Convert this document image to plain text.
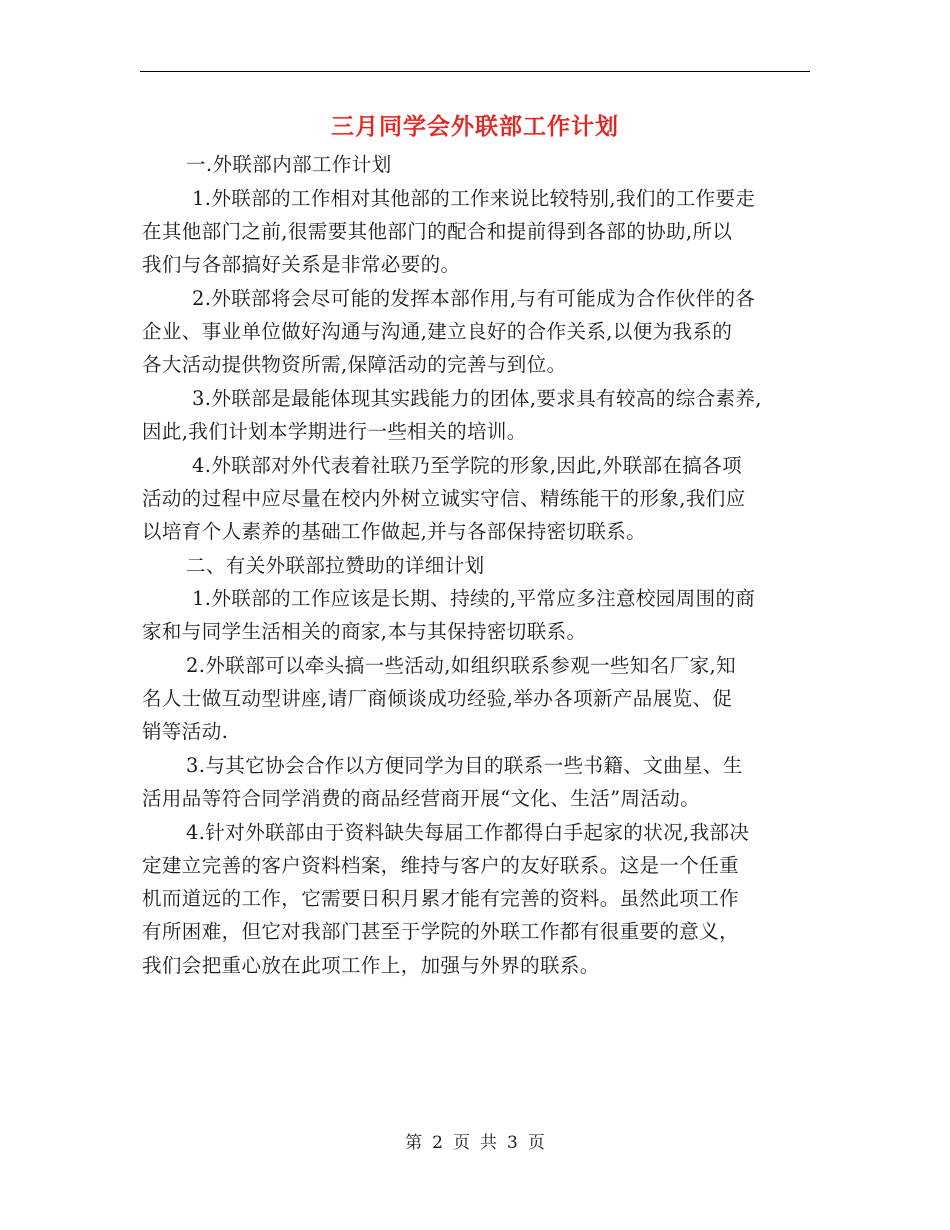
三月同学会外联部工作计划
一.外联部内部工作计划
1.外联部的工作相对其他部的工作来说比较特别,我们的工作要走
在其他部门之前,很需要其他部门的配合和提前得到各部的协助,所以
我们与各部搞好关系是非常必要的。
2.外联部将会尽可能的发挥本部作用,与有可能成为合作伙伴的各
企业、事业单位做好沟通与沟通,建立良好的合作关系,以便为我系的
各大活动提供物资所需,保障活动的完善与到位。
3.外联部是最能体现其实践能力的团体,要求具有较高的综合素养,
因此,我们计划本学期进行一些相关的培训。
4.外联部对外代表着社联乃至学院的形象,因此,外联部在搞各项
活动的过程中应尽量在校内外树立诚实守信、精练能干的形象,我们应
以培育个人素养的基础工作做起,并与各部保持密切联系。
二、有关外联部拉赞助的详细计划
1.外联部的工作应该是长期、持续的,平常应多注意校园周围的商
家和与同学生活相关的商家,本与其保持密切联系。
2.外联部可以牵头搞一些活动,如组织联系参观一些知名厂家,知
名人士做互动型讲座,请厂商倾谈成功经验,举办各项新产品展览、促
销等活动.
3.与其它协会合作以方便同学为目的联系一些书籍、文曲星、生
活用品等符合同学消费的商品经营商开展“文化、生活”周活动。
4.针对外联部由于资料缺失每届工作都得白手起家的状况,我部决
定建立完善的客户资料档案，维持与客户的友好联系。这是一个任重
机而道远的工作，它需要日积月累才能有完善的资料。虽然此项工作
有所困难，但它对我部门甚至于学院的外联工作都有很重要的意义，
我们会把重心放在此项工作上，加强与外界的联系。
第 2 页 共 3 页
